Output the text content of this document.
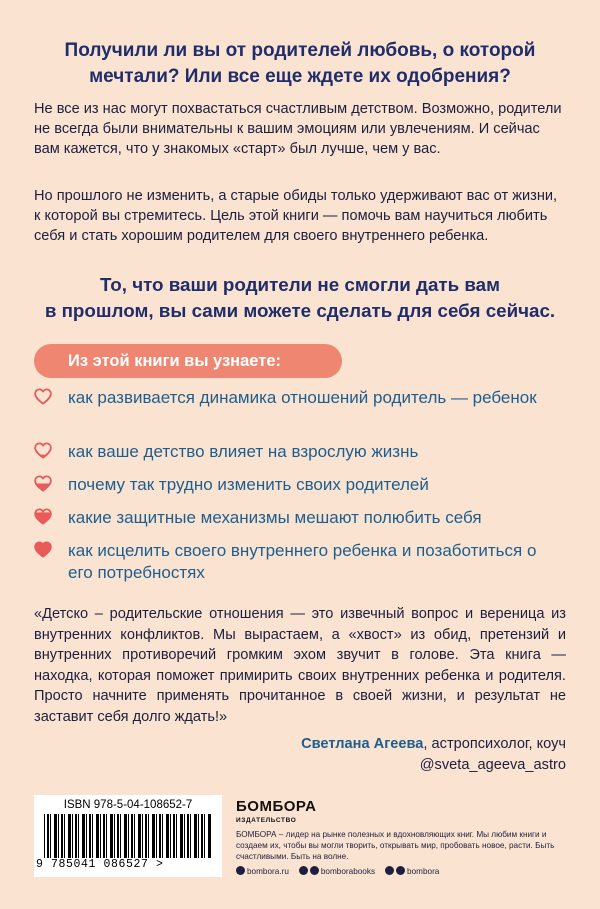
Получили ли вы от родителей любовь, о которой
мечтали? Или все еще ждете их одобрения?
Не все из нас могут похвастаться счастливым детством. Возможно, родители не всегда были внимательны к вашим эмоциям или увлечениям. И сейчас вам кажется, что у знакомых «старт» был лучше, чем у вас.
Но прошлого не изменить, а старые обиды только удерживают вас от жизни, к которой вы стремитесь. Цель этой книги — помочь вам научиться любить себя и стать хорошим родителем для своего внутреннего ребенка.
То, что ваши родители не смогли дать вам
в прошлом, вы сами можете сделать для себя сейчас.
Из этой книги вы узнаете:
как развивается динамика отношений родитель — ребенок
как ваше детство влияет на взрослую жизнь
почему так трудно изменить своих родителей
какие защитные механизмы мешают полюбить себя
как исцелить своего внутреннего ребенка и позаботиться о его потребностях
«Детско – родительские отношения — это извечный вопрос и вереница из внутренних конфликтов. Мы вырастаем, а «хвост» из обид, претензий и внутренних противоречий громким эхом звучит в голове. Эта книга — находка, которая поможет примирить своих внутренних ребенка и родителя. Просто начните применять прочитанное в своей жизни, и результат не заставит себя долго ждать!»
Светлана Агеева, астропсихолог, коуч
@sveta_ageeva_astro
ISBN 978-5-04-108652-7
9 785041 086527 >
БОМБОРА
ИЗДАТЕЛЬСТВО
БОМБОРА – лидер на рынке полезных и вдохновляющих книг. Мы любим книги и создаем их, чтобы вы могли творить, открывать мир, пробовать новое, расти. Быть счастливыми. Быть на волне.
bombora.ru	bomborabooks	bombora
